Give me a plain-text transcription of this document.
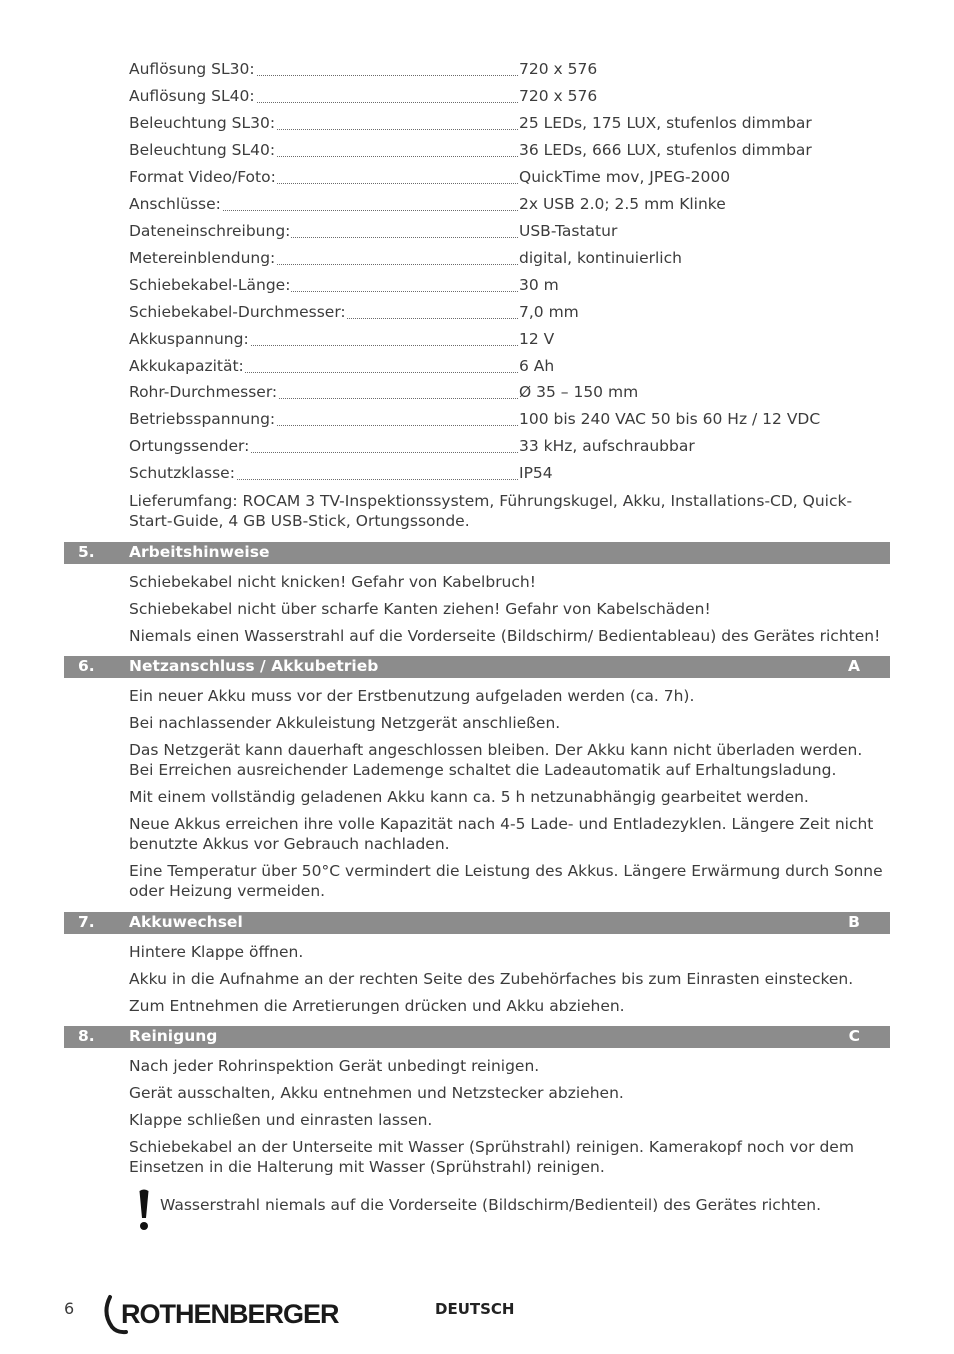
Auflösung SL30:	720 x 576
Auflösung SL40:	720 x 576
Beleuchtung SL30:	25 LEDs, 175 LUX, stufenlos dimmbar
Beleuchtung SL40:	36 LEDs, 666 LUX, stufenlos dimmbar
Format Video/Foto:	QuickTime mov, JPEG-2000
Anschlüsse:	2x USB 2.0; 2.5 mm Klinke
Dateneinschreibung:	USB-Tastatur
Metereinblendung:	digital, kontinuierlich
Schiebekabel-Länge:	30 m
Schiebekabel-Durchmesser:	7,0 mm
Akkuspannung:	12 V
Akkukapazität:	6 Ah
Rohr-Durchmesser:	Ø 35 – 150 mm
Betriebsspannung:	100 bis 240 VAC 50 bis 60 Hz / 12 VDC
Ortungssender:	33 kHz, aufschraubbar
Schutzklasse:	IP54
Lieferumfang: ROCAM 3 TV-Inspektionssystem, Führungskugel, Akku, Installations-CD, Quick-Start-Guide, 4 GB USB-Stick, Ortungssonde.
5. Arbeitshinweise
Schiebekabel nicht knicken! Gefahr von Kabelbruch!
Schiebekabel nicht über scharfe Kanten ziehen! Gefahr von Kabelschäden!
Niemals einen Wasserstrahl auf die Vorderseite (Bildschirm/ Bedientableau) des Gerätes richten!
6. Netzanschluss / Akkubetrieb	A
Ein neuer Akku muss vor der Erstbenutzung aufgeladen werden (ca. 7h).
Bei nachlassender Akkuleistung Netzgerät anschließen.
Das Netzgerät kann dauerhaft angeschlossen bleiben. Der Akku kann nicht überladen werden. Bei Erreichen ausreichender Lademenge schaltet die Ladeautomatik auf Erhaltungsladung.
Mit einem vollständig geladenen Akku kann ca. 5 h netzunabhängig gearbeitet werden.
Neue Akkus erreichen ihre volle Kapazität nach 4-5 Lade- und Entladezyklen. Längere Zeit nicht benutzte Akkus vor Gebrauch nachladen.
Eine Temperatur über 50°C vermindert die Leistung des Akkus. Längere Erwärmung durch Sonne oder Heizung vermeiden.
7. Akkuwechsel	B
Hintere Klappe öffnen.
Akku in die Aufnahme an der rechten Seite des Zubehörfaches bis zum Einrasten einstecken.
Zum Entnehmen die Arretierungen drücken und Akku abziehen.
8. Reinigung	C
Nach jeder Rohrinspektion Gerät unbedingt reinigen.
Gerät ausschalten, Akku entnehmen und Netzstecker abziehen.
Klappe schließen und einrasten lassen.
Schiebekabel an der Unterseite mit Wasser (Sprühstrahl) reinigen. Kamerakopf noch vor dem Einsetzen in die Halterung mit Wasser (Sprühstrahl) reinigen.
Wasserstrahl niemals auf die Vorderseite (Bildschirm/Bedienteil) des Gerätes richten.
6 ROTHENBERGER	DEUTSCH
